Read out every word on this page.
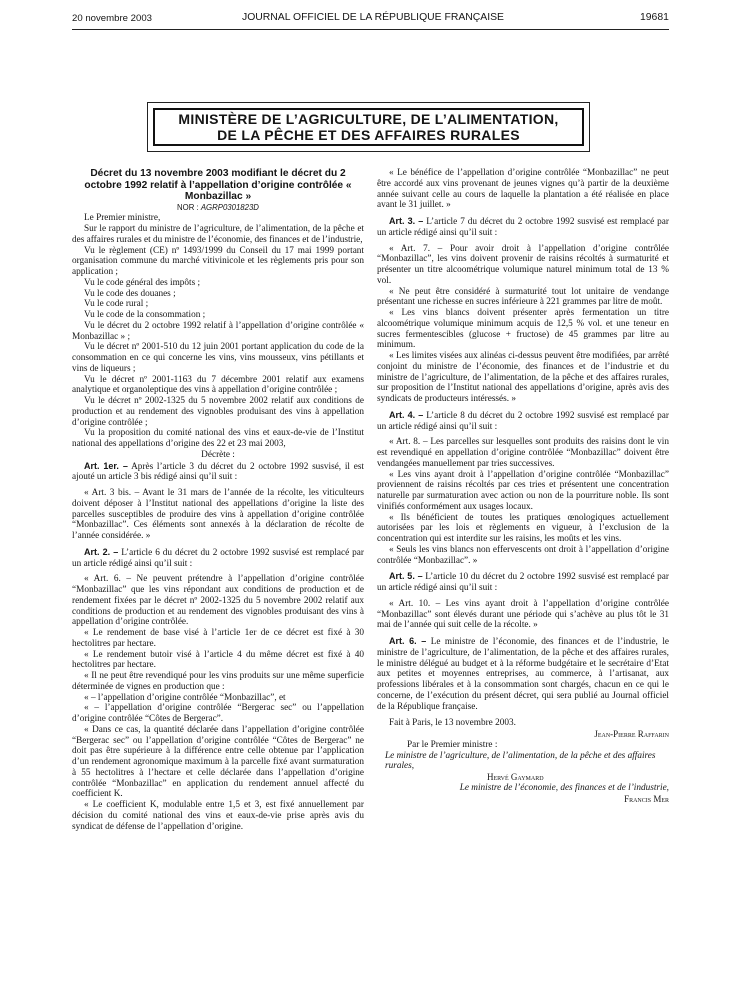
20 novembre 2003	JOURNAL OFFICIEL DE LA RÉPUBLIQUE FRANÇAISE	19681
MINISTÈRE DE L’AGRICULTURE, DE L’ALIMENTATION,
DE LA PÊCHE ET DES AFFAIRES RURALES

Décret du 13 novembre 2003 modifiant le décret du 2 octobre 1992 relatif à l’appellation d’origine contrôlée « Monbazillac »

NOR : AGRP0301823D

Le Premier ministre,

Sur le rapport du ministre de l’agriculture, de l’alimentation, de la pêche et des affaires rurales et du ministre de l’économie, des finances et de l’industrie,

Vu le règlement (CE) nº 1493/1999 du Conseil du 17 mai 1999 portant organisation commune du marché vitivinicole et les règlements pris pour son application ;

Vu le code général des impôts ;

Vu le code des douanes ;

Vu le code rural ;

Vu le code de la consommation ;

Vu le décret du 2 octobre 1992 relatif à l’appellation d’origine contrôlée « Monbazillac » ;

Vu le décret nº 2001-510 du 12 juin 2001 portant application du code de la consommation en ce qui concerne les vins, vins mousseux, vins pétillants et vins de liqueurs ;

Vu le décret nº 2001-1163 du 7 décembre 2001 relatif aux examens analytique et organoleptique des vins à appellation d’origine contrôlée ;

Vu le décret nº 2002-1325 du 5 novembre 2002 relatif aux conditions de production et au rendement des vignobles produisant des vins à appellation d’origine contrôlée ;

Vu la proposition du comité national des vins et eaux-de-vie de l’Institut national des appellations d’origine des 22 et 23 mai 2003,

Décrète :

Art. 1er. – Après l’article 3 du décret du 2 octobre 1992 susvisé, il est ajouté un article 3 bis rédigé ainsi qu’il suit :

« Art. 3 bis. – Avant le 31 mars de l’année de la récolte, les viticulteurs doivent déposer à l’Institut national des appellations d’origine la liste des parcelles susceptibles de produire des vins à appellation d’origine contrôlée “Monbazillac”. Ces éléments sont annexés à la déclaration de récolte de l’année considérée. »

Art. 2. – L’article 6 du décret du 2 octobre 1992 susvisé est remplacé par un article rédigé ainsi qu’il suit :

« Art. 6. – Ne peuvent prétendre à l’appellation d’origine contrôlée “Monbazillac” que les vins répondant aux conditions de production et de rendement fixées par le décret nº 2002-1325 du 5 novembre 2002 relatif aux conditions de production et au rendement des vignobles produisant des vins à appellation d’origine contrôlée.

« Le rendement de base visé à l’article 1er de ce décret est fixé à 30 hectolitres par hectare.

« Le rendement butoir visé à l’article 4 du même décret est fixé à 40 hectolitres par hectare.

« Il ne peut être revendiqué pour les vins produits sur une même superficie déterminée de vignes en production que :

« – l’appellation d’origine contrôlée “Monbazillac”, et

« – l’appellation d’origine contrôlée “Bergerac sec” ou l’appellation d’origine contrôlée “Côtes de Bergerac”.

« Dans ce cas, la quantité déclarée dans l’appellation d’origine contrôlée “Bergerac sec” ou l’appellation d’origine contrôlée “Côtes de Bergerac” ne doit pas être supérieure à la différence entre celle obtenue par l’application d’un rendement agronomique maximum à la parcelle fixé avant surmaturation à 55 hectolitres à l’hectare et celle déclarée dans l’appellation d’origine contrôlée “Monbazillac” en application du rendement annuel affecté du coefficient K.

« Le coefficient K, modulable entre 1,5 et 3, est fixé annuellement par décision du comité national des vins et eaux-de-vie prise après avis du syndicat de défense de l’appellation d’origine.

« Le bénéfice de l’appellation d’origine contrôlée “Monbazillac” ne peut être accordé aux vins provenant de jeunes vignes qu’à partir de la deuxième année suivant celle au cours de laquelle la plantation a été réalisée en place avant le 31 juillet. »

Art. 3. – L’article 7 du décret du 2 octobre 1992 susvisé est remplacé par un article rédigé ainsi qu’il suit :

« Art. 7. – Pour avoir droit à l’appellation d’origine contrôlée “Monbazillac”, les vins doivent provenir de raisins récoltés à surmaturité et présenter un titre alcoométrique volumique naturel minimum total de 13 % vol.

« Ne peut être considéré à surmaturité tout lot unitaire de vendange présentant une richesse en sucres inférieure à 221 grammes par litre de moût.

« Les vins blancs doivent présenter après fermentation un titre alcoométrique volumique minimum acquis de 12,5 % vol. et une teneur en sucres fermentescibles (glucose + fructose) de 45 grammes par litre au minimum.

« Les limites visées aux alinéas ci-dessus peuvent être modifiées, par arrêté conjoint du ministre de l’économie, des finances et de l’industrie et du ministre de l’agriculture, de l’alimentation, de la pêche et des affaires rurales, sur proposition de l’Institut national des appellations d’origine, après avis des syndicats de producteurs intéressés. »

Art. 4. – L’article 8 du décret du 2 octobre 1992 susvisé est remplacé par un article rédigé ainsi qu’il suit :

« Art. 8. – Les parcelles sur lesquelles sont produits des raisins dont le vin est revendiqué en appellation d’origine contrôlée “Monbazillac” doivent être vendangées manuellement par tries successives.

« Les vins ayant droit à l’appellation d’origine contrôlée “Monbazillac” proviennent de raisins récoltés par ces tries et présentent une concentration naturelle par surmaturation avec action ou non de la pourriture noble. Ils sont vinifiés conformément aux usages locaux.

« Ils bénéficient de toutes les pratiques œnologiques actuellement autorisées par les lois et règlements en vigueur, à l’exclusion de la concentration qui est interdite sur les raisins, les moûts et les vins.

« Seuls les vins blancs non effervescents ont droit à l’appellation d’origine contrôlée “Monbazillac”. »

Art. 5. – L’article 10 du décret du 2 octobre 1992 susvisé est remplacé par un article rédigé ainsi qu’il suit :

« Art. 10. – Les vins ayant droit à l’appellation d’origine contrôlée “Monbazillac” sont élevés durant une période qui s’achève au plus tôt le 31 mai de l’année qui suit celle de la récolte. »

Art. 6. – Le ministre de l’économie, des finances et de l’industrie, le ministre de l’agriculture, de l’alimentation, de la pêche et des affaires rurales, le ministre délégué au budget et à la réforme budgétaire et le secrétaire d’Etat aux petites et moyennes entreprises, au commerce, à l’artisanat, aux professions libérales et à la consommation sont chargés, chacun en ce qui le concerne, de l’exécution du présent décret, qui sera publié au Journal officiel de la République française.

Fait à Paris, le 13 novembre 2003.

Jean-Pierre Raffarin

Par le Premier ministre :

Le ministre de l’agriculture, de l’alimentation, de la pêche et des affaires rurales,

Hervé Gaymard

Le ministre de l’économie, des finances et de l’industrie,

Francis Mer
